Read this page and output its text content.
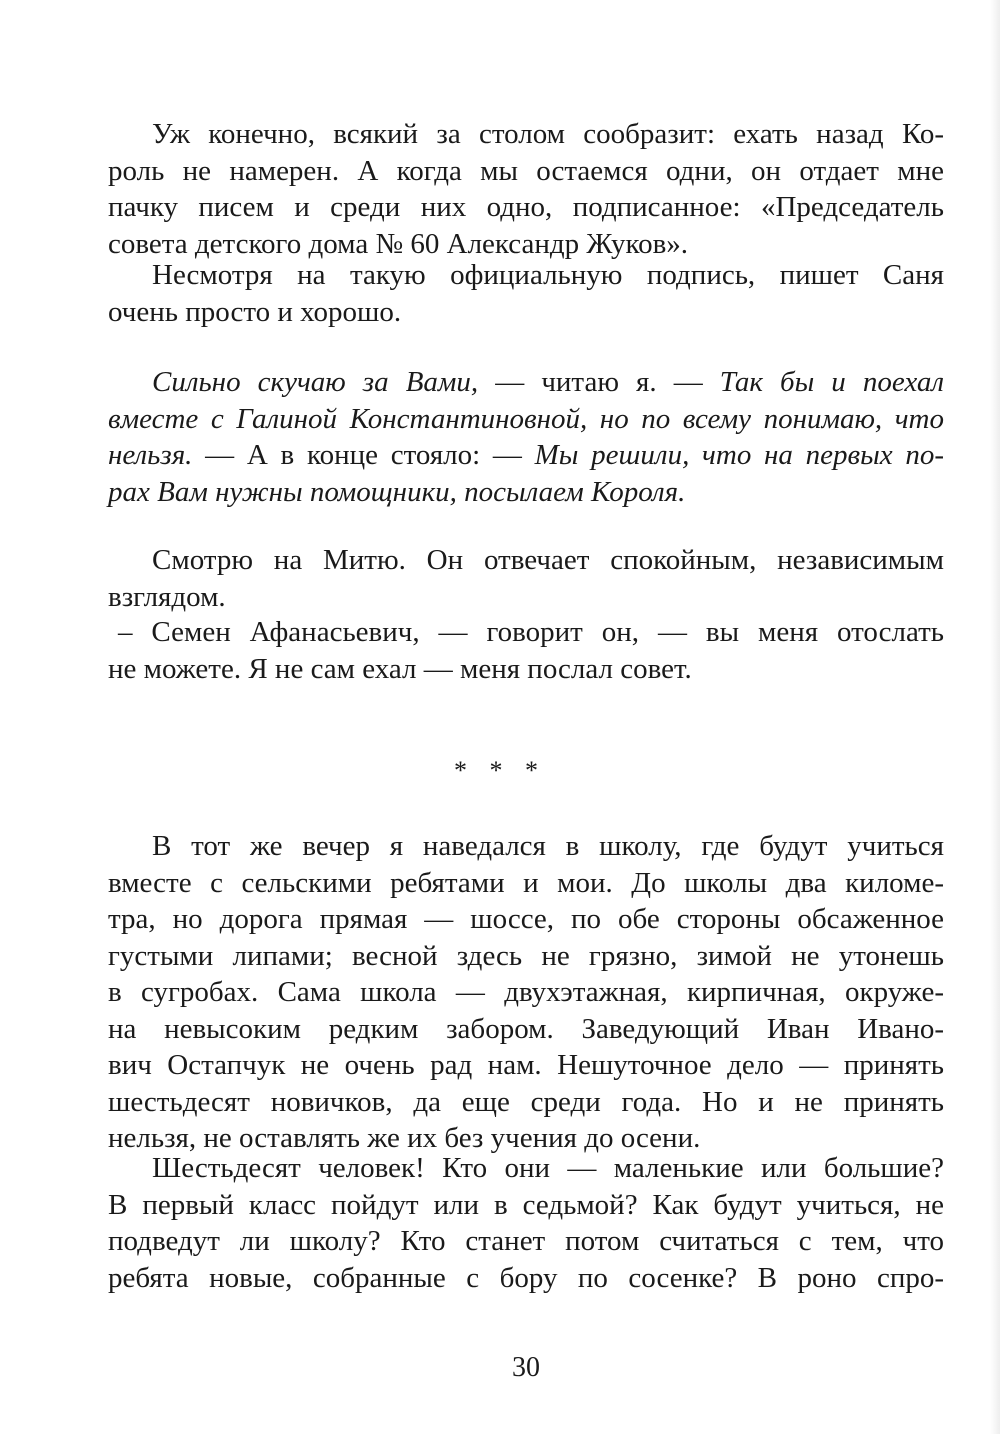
Уж конечно, всякий за столом сообразит: ехать назад Ко-
роль не намерен. А когда мы остаемся одни, он отдает мне
пачку писем и среди них одно, подписанное: «Председатель
совета детского дома № 60 Александр Жуков».
Несмотря на такую официальную подпись, пишет Саня
очень просто и хорошо.
Сильно скучаю за Вами, — читаю я. — Так бы и поехал
вместе с Галиной Константиновной, но по всему понимаю, что
нельзя. — А в конце стояло: — Мы решили, что на первых по-
рах Вам нужны помощники, посылаем Короля.
Смотрю на Митю. Он отвечает спокойным, независимым
взглядом.
– Семен Афанасьевич, — говорит он, — вы меня отослать
не можете. Я не сам ехал — меня послал совет.
* * *
В тот же вечер я наведался в школу, где будут учиться
вместе с сельскими ребятами и мои. До школы два киломе-
тра, но дорога прямая — шоссе, по обе стороны обсаженное
густыми липами; весной здесь не грязно, зимой не утонешь
в сугробах. Сама школа — двухэтажная, кирпичная, окруже-
на невысоким редким забором. Заведующий Иван Ивано-
вич Остапчук не очень рад нам. Нешуточное дело — принять
шестьдесят новичков, да еще среди года. Но и не принять
нельзя, не оставлять же их без учения до осени.
Шестьдесят человек! Кто они — маленькие или большие?
В первый класс пойдут или в седьмой? Как будут учиться, не
подведут ли школу? Кто станет потом считаться с тем, что
ребята новые, собранные с бору по сосенке? В роно спро-
30
